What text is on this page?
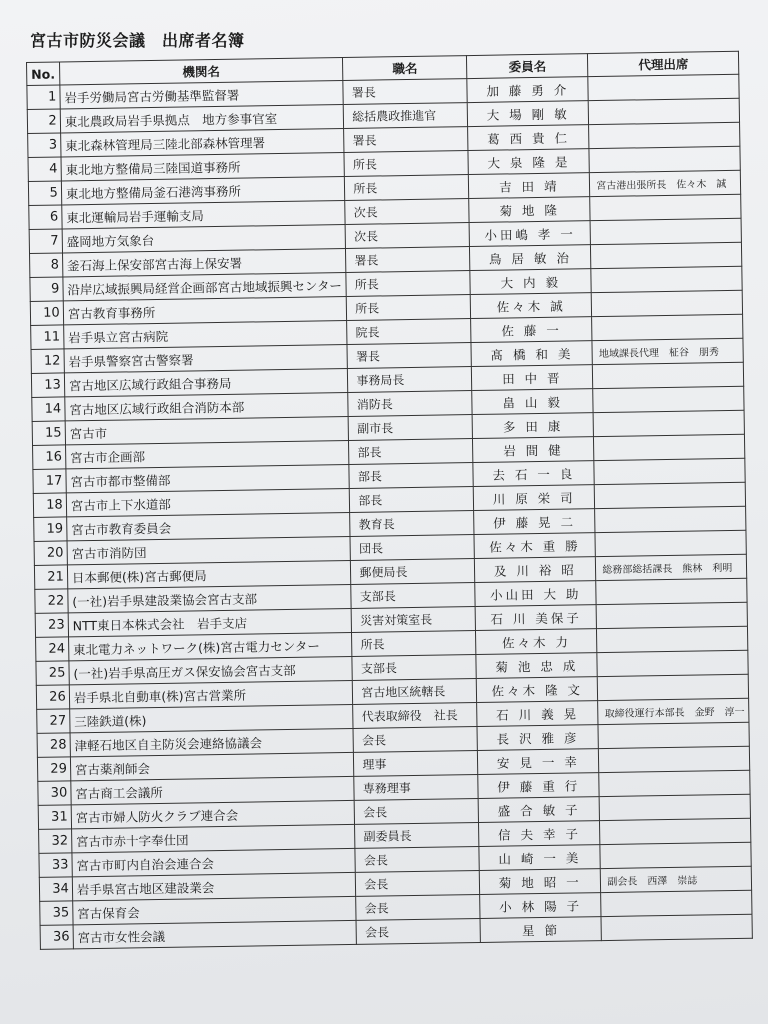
宮古市防災会議　出席者名簿
No.	機関名	職名	委員名	代理出席
1	岩手労働局宮古労働基準監督署	署長	加 藤 勇 介	
2	東北農政局岩手県拠点　地方参事官室	総括農政推進官	大 場 剛 敏	
3	東北森林管理局三陸北部森林管理署	署長	葛 西 貴 仁	
4	東北地方整備局三陸国道事務所	所長	大 泉 隆 是	
5	東北地方整備局釜石港湾事務所	所長	吉 田 靖	宮古港出張所長　佐々木　誠
6	東北運輸局岩手運輸支局	次長	菊 地 隆	
7	盛岡地方気象台	次長	小田嶋 孝 一	
8	釜石海上保安部宮古海上保安署	署長	鳥 居 敏 治	
9	沿岸広域振興局経営企画部宮古地域振興センター	所長	大 内 毅	
10	宮古教育事務所	所長	佐々木 誠	
11	岩手県立宮古病院	院長	佐 藤 一	
12	岩手県警察宮古警察署	署長	髙 橋 和 美	地域課長代理　柾谷　朋秀
13	宮古地区広域行政組合事務局	事務局長	田 中 晋	
14	宮古地区広域行政組合消防本部	消防長	畠 山 毅	
15	宮古市	副市長	多 田 康	
16	宮古市企画部	部長	岩 間 健	
17	宮古市都市整備部	部長	去 石 一 良	
18	宮古市上下水道部	部長	川 原 栄 司	
19	宮古市教育委員会	教育長	伊 藤 晃 二	
20	宮古市消防団	団長	佐々木 重 勝	
21	日本郵便(株)宮古郵便局	郵便局長	及 川 裕 昭	総務部総括課長　熊林　利明
22	(一社)岩手県建設業協会宮古支部	支部長	小山田 大 助	
23	NTT東日本株式会社　岩手支店	災害対策室長	石 川 美保子	
24	東北電力ネットワーク(株)宮古電力センター	所長	佐々木 力	
25	(一社)岩手県高圧ガス保安協会宮古支部	支部長	菊 池 忠 成	
26	岩手県北自動車(株)宮古営業所	宮古地区統轄長	佐々木 隆 文	
27	三陸鉄道(株)	代表取締役　社長	石 川 義 晃	取締役運行本部長　金野　淳一
28	津軽石地区自主防災会連絡協議会	会長	長 沢 雅 彦	
29	宮古薬剤師会	理事	安 見 一 幸	
30	宮古商工会議所	専務理事	伊 藤 重 行	
31	宮古市婦人防火クラブ連合会	会長	盛 合 敏 子	
32	宮古市赤十字奉仕団	副委員長	信 夫 幸 子	
33	宮古市町内自治会連合会	会長	山 崎 一 美	
34	岩手県宮古地区建設業会	会長	菊 地 昭 一	副会長　西澤　崇誌
35	宮古保育会	会長	小 林 陽 子	
36	宮古市女性会議	会長	星 節	
